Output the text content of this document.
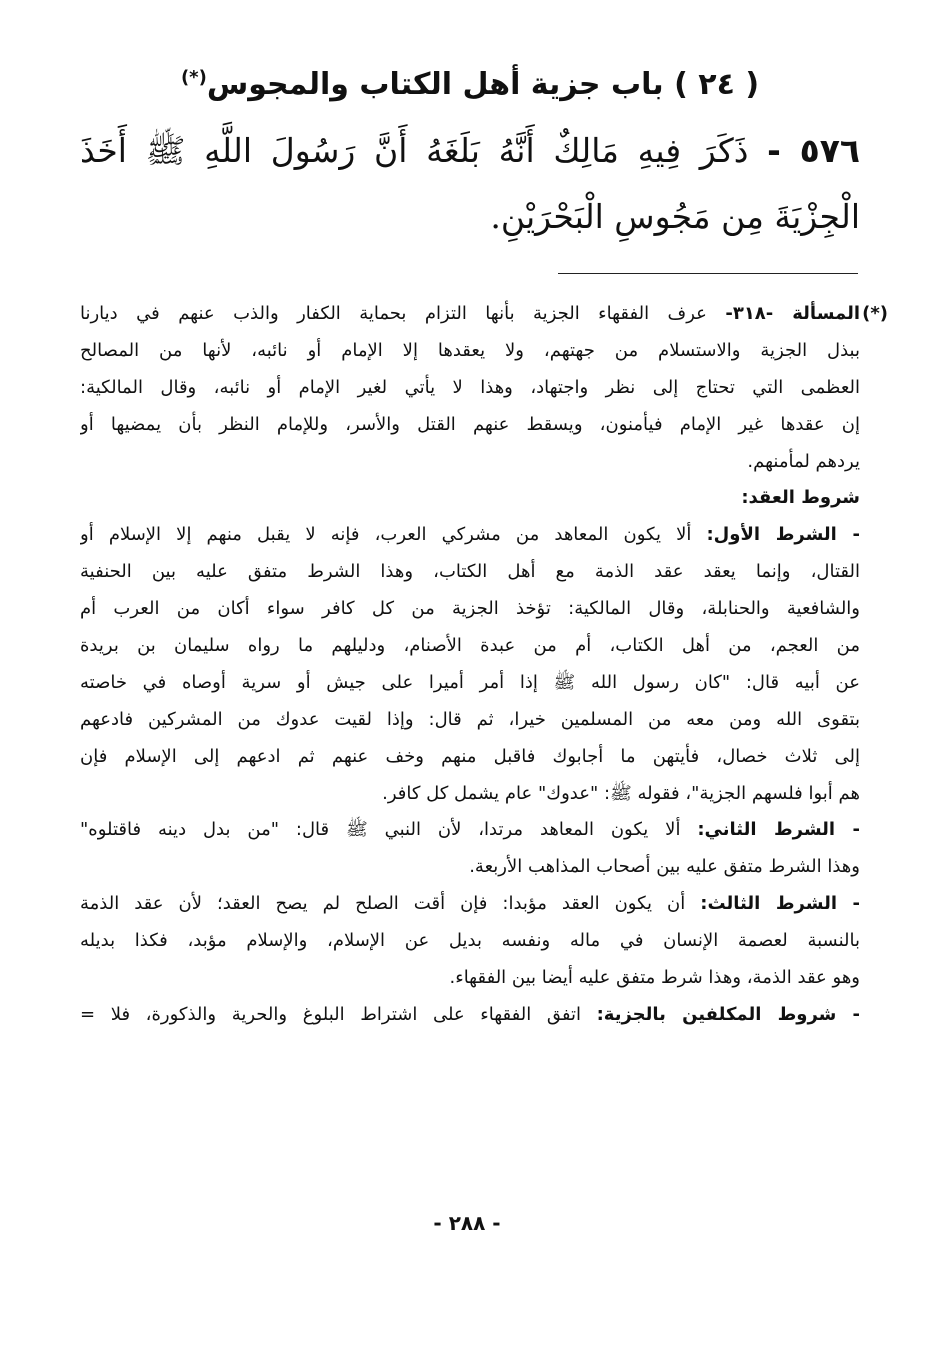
( ٢٤ ) باب جزية أهل الكتاب والمجوس(*)
٥٧٦ - ذَكَرَ فِيهِ مَالِكٌ أَنَّهُ بَلَغَهُ أَنَّ رَسُولَ اللَّهِ ﷺ أَخَذَ الْجِزْيَةَ مِن مَجُوسِ الْبَحْرَيْنِ.
(*)
المسألة -٣١٨- عرف الفقهاء الجزية بأنها التزام بحماية الكفار والذب عنهم في ديارنا
ببذل الجزية والاستسلام من جهتهم، ولا يعقدها إلا الإمام أو نائبه، لأنها من المصالح
العظمى التي تحتاج إلى نظر واجتهاد، وهذا لا يأتي لغير الإمام أو نائبه، وقال المالكية:
إن عقدها غير الإمام فيأمنون، ويسقط عنهم القتل والأسر، وللإمام النظر بأن يمضيها أو
يردهم لمأمنهم.
شروط العقد:
- الشرط الأول: ألا يكون المعاهد من مشركي العرب، فإنه لا يقبل منهم إلا الإسلام أو
القتال، وإنما يعقد عقد الذمة مع أهل الكتاب، وهذا الشرط متفق عليه بين الحنفية
والشافعية والحنابلة، وقال المالكية: تؤخذ الجزية من كل كافر سواء أكان من العرب أم
من العجم، من أهل الكتاب، أم من عبدة الأصنام، ودليلهم ما رواه سليمان بن بريدة
عن أبيه قال: "كان رسول الله ﷺ إذا أمر أميرا على جيش أو سرية أوصاه في خاصته
بتقوى الله ومن معه من المسلمين خيرا، ثم قال: وإذا لقيت عدوك من المشركين فادعهم
إلى ثلاث خصال، فأيتهن ما أجابوك فاقبل منهم وخف عنهم ثم ادعهم إلى الإسلام فإن
هم أبوا فلسهم الجزية"، فقوله ﷺ: "عدوك" عام يشمل كل كافر.
- الشرط الثاني: ألا يكون المعاهد مرتدا، لأن النبي ﷺ قال: "من بدل دينه فاقتلوه"
وهذا الشرط متفق عليه بين أصحاب المذاهب الأربعة.
- الشرط الثالث: أن يكون العقد مؤبدا: فإن أقت الصلح لم يصح العقد؛ لأن عقد الذمة
بالنسبة لعصمة الإنسان في ماله ونفسه بديل عن الإسلام، والإسلام مؤبد، فكذا بديله
وهو عقد الذمة، وهذا شرط متفق عليه أيضا بين الفقهاء.
- شروط المكلفين بالجزية: اتفق الفقهاء على اشتراط البلوغ والحرية والذكورة، فلا =
- ٢٨٨ -
